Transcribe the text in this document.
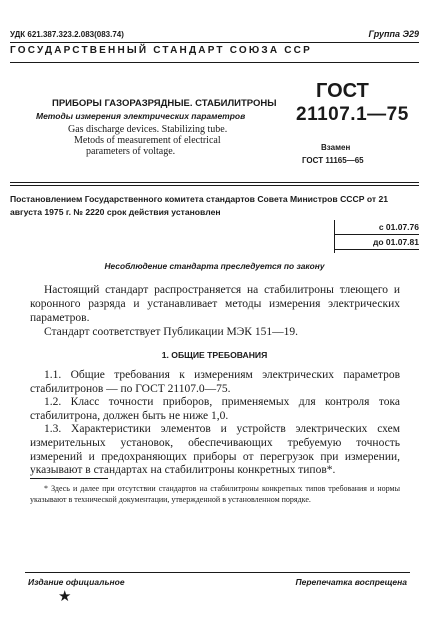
УДК 621.387.323.2.083(083.74)	Группа Э29
ГОСУДАРСТВЕННЫЙ СТАНДАРТ СОЮЗА ССР
ПРИБОРЫ ГАЗОРАЗРЯДНЫЕ. СТАБИЛИТРОНЫ
Методы измерения электрических параметров
Gas discharge devices. Stabilizing tube.
Metods of measurement of electrical
parameters of voltage.
ГОСТ
21107.1—75
Взамен
ГОСТ 11165—65
Постановлением Государственного комитета стандартов Совета Министров СССР от 21 августа 1975 г. № 2220 срок действия установлен
с 01.07.76
до 01.07.81
Несоблюдение стандарта преследуется по закону

Настоящий стандарт распространяется на стабилитроны тлеющего и коронного разряда и устанавливает методы измерения электрических параметров.

Стандарт соответствует Публикации МЭК 151—19.

1. ОБЩИЕ ТРЕБОВАНИЯ

1.1. Общие требования к измерениям электрических параметров стабилитронов — по ГОСТ 21107.0—75.

1.2. Класс точности приборов, применяемых для контроля тока стабилитрона, должен быть не ниже 1,0.

1.3. Характеристики элементов и устройств электрических схем измерительных установок, обеспечивающих требуемую точность измерений и предохраняющих приборы от перегрузок при измерении, указывают в стандартах на стабилитроны конкретных типов*.

* Здесь и далее при отсутствии стандартов на стабилитроны конкретных типов требования и нормы указывают в технической документации, утвержденной в установленном порядке.

Издание официальное	Перепечатка воспрещена
★
